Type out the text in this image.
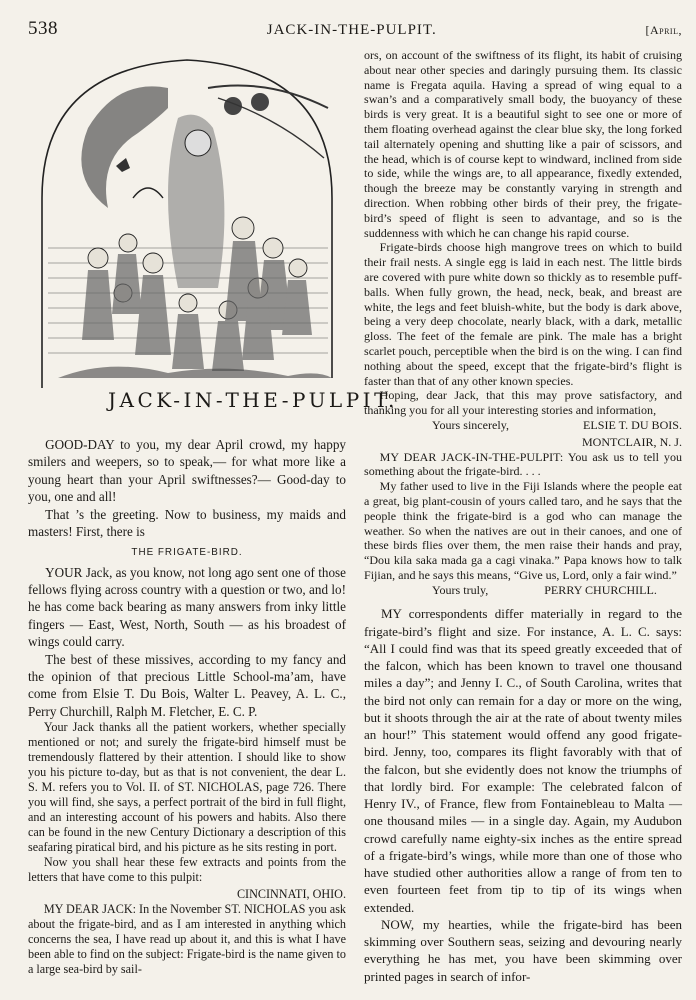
538	JACK-IN-THE-PULPIT.	[April,
JACK-IN-THE-PULPIT.

GOOD-DAY to you, my dear April crowd, my happy smilers and weepers, so to speak,— for what more like a young heart than your April swiftnesses?— Good-day to you, one and all!

That ’s the greeting. Now to business, my maids and masters! First, there is

THE FRIGATE-BIRD.

YOUR Jack, as you know, not long ago sent one of those fellows flying across country with a question or two, and lo! he has come back bearing as many answers from inky little fingers — East, West, North, South — as his broadest of wings could carry.

The best of these missives, according to my fancy and the opinion of that precious Little School-ma’am, have come from Elsie T. Du Bois, Walter L. Peavey, A. L. C., Perry Churchill, Ralph M. Fletcher, E. C. P.

Your Jack thanks all the patient workers, whether specially mentioned or not; and surely the frigate-bird himself must be tremendously flattered by their attention. I should like to show you his picture to-day, but as that is not convenient, the dear L. S. M. refers you to Vol. II. of ST. NICHOLAS, page 726. There you will find, she says, a perfect portrait of the bird in full flight, and an interesting account of his powers and habits. Also there can be found in the new Century Dictionary a description of this seafaring piratical bird, and his picture as he sits resting in port.

Now you shall hear these few extracts and points from the letters that have come to this pulpit:

CINCINNATI, OHIO.

MY DEAR JACK: In the November ST. NICHOLAS you ask about the frigate-bird, and as I am interested in anything which concerns the sea, I have read up about it, and this is what I have been able to find on the subject: Frigate-bird is the name given to a large sea-bird by sail-

ors, on account of the swiftness of its flight, its habit of cruising about near other species and daringly pursuing them. Its classic name is Fregata aquila. Having a spread of wing equal to a swan’s and a comparatively small body, the buoyancy of these birds is very great. It is a beautiful sight to see one or more of them floating overhead against the clear blue sky, the long forked tail alternately opening and shutting like a pair of scissors, and the head, which is of course kept to windward, inclined from side to side, while the wings are, to all appearance, fixedly extended, though the breeze may be constantly varying in strength and direction. When robbing other birds of their prey, the frigate-bird’s speed of flight is seen to advantage, and so is the suddenness with which he can change his rapid course.

Frigate-birds choose high mangrove trees on which to build their frail nests. A single egg is laid in each nest. The little birds are covered with pure white down so thickly as to resemble puff-balls. When fully grown, the head, neck, beak, and breast are white, the legs and feet bluish-white, but the body is dark above, being a very deep chocolate, nearly black, with a dark, metallic gloss. The feet of the female are pink. The male has a bright scarlet pouch, perceptible when the bird is on the wing. I can find nothing about the speed, except that the frigate-bird’s flight is faster than that of any other known species.

Hoping, dear Jack, that this may prove satisfactory, and thanking you for all your interesting stories and information,

Yours sincerely,	ELSIE T. DU BOIS.

MONTCLAIR, N. J.

MY DEAR JACK-IN-THE-PULPIT: You ask us to tell you something about the frigate-bird. . . .

My father used to live in the Fiji Islands where the people eat a great, big plant-cousin of yours called taro, and he says that the people think the frigate-bird is a god who can manage the weather. So when the natives are out in their canoes, and one of these birds flies over them, the men raise their hands and pray, “Dou kila saka mada ga a cagi vinaka.” Papa knows how to talk Fijian, and he says this means, “Give us, Lord, only a fair wind.”

Yours truly,	PERRY CHURCHILL.

MY correspondents differ materially in regard to the frigate-bird’s flight and size. For instance, A. L. C. says: “All I could find was that its speed greatly exceeded that of the falcon, which has been known to travel one thousand miles a day”; and Jenny I. C., of South Carolina, writes that the bird not only can remain for a day or more on the wing, but it shoots through the air at the rate of about twenty miles an hour!” This statement would offend any good frigate-bird. Jenny, too, compares its flight favorably with that of the falcon, but she evidently does not know the triumphs of that lordly bird. For example: The celebrated falcon of Henry IV., of France, flew from Fontainebleau to Malta — one thousand miles — in a single day. Again, my Audubon crowd carefully name eighty-six inches as the entire spread of a frigate-bird’s wings, while more than one of those who have studied other authorities allow a range of from ten to even fourteen feet from tip to tip of its wings when extended.

NOW, my hearties, while the frigate-bird has been skimming over Southern seas, seizing and devouring nearly everything he has met, you have been skimming over printed pages in search of infor-
